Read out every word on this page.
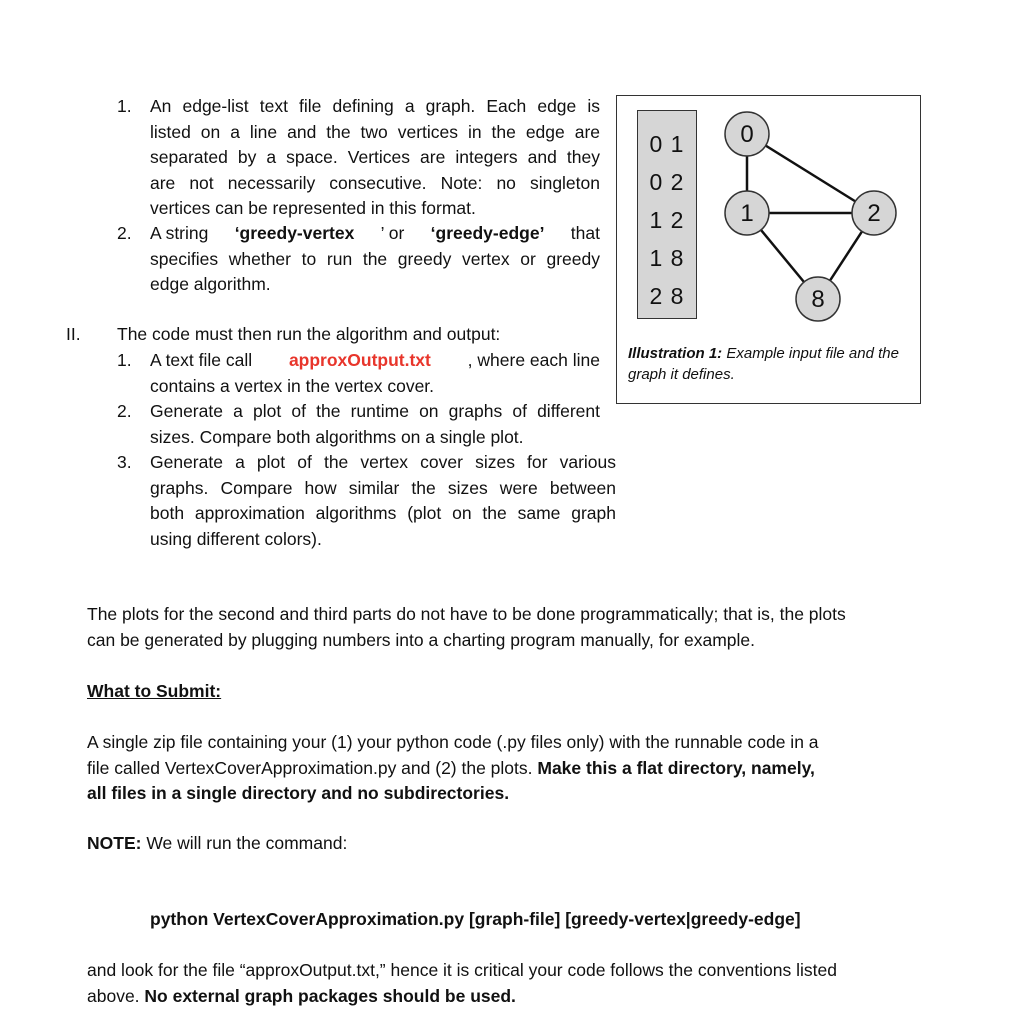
1. An edge-list text file defining a graph. Each edge is
listed on a line and the two vertices in the edge are
separated by a space. Vertices are integers and they
are not necessarily consecutive. Note: no singleton
vertices can be represented in this format.
2. A string ‘greedy-vertex ’ or ‘greedy-edge’ that
specifies whether to run the greedy vertex or greedy
edge algorithm.
II. The code must then run the algorithm and output:
1. A text file call approxOutput.txt , where each line
contains a vertex in the vertex cover.
2. Generate a plot of the runtime on graphs of different
sizes. Compare both algorithms on a single plot.
3. Generate a plot of the vertex cover sizes for various
graphs. Compare how similar the sizes were between
both approximation algorithms (plot on the same graph
using different colors).
0 1
0 2
1 2
1 8
2 8
0
1	2
8
Illustration 1: Example input file and the graph it defines.
The plots for the second and third parts do not have to be done programmatically; that is, the plots
can be generated by plugging numbers into a charting program manually, for example.
What to Submit:
A single zip file containing your (1) your python code (.py files only) with the runnable code in a
file called VertexCoverApproximation.py and (2) the plots. Make this a flat directory, namely,
all files in a single directory and no subdirectories.
NOTE: We will run the command:
python VertexCoverApproximation.py [graph-file] [greedy-vertex|greedy-edge]
and look for the file “approxOutput.txt,” hence it is critical your code follows the conventions listed
above. No external graph packages should be used.
